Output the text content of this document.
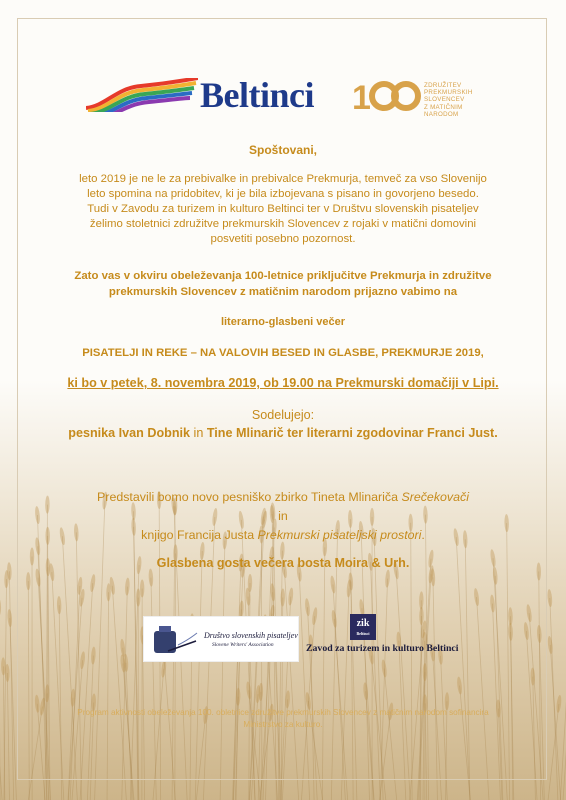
Beltinci 1	ZDRUŽITEV
PREKMURSKIH
SLOVENCEV
Z MATIČNIM
NARODOM
Spoštovani,
leto 2019 je ne le za prebivalke in prebivalce Prekmurja, temveč za vso Slovenijo
leto spomina na pridobitev, ki je bila izbojevana s pisano in govorjeno besedo.
Tudi v Zavodu za turizem in kulturo Beltinci ter v Društvu slovenskih pisateljev
želimo stoletnici združitve prekmurskih Slovencev z rojaki v matični domovini
posvetiti posebno pozornost.
Zato vas v okviru obeleževanja 100-letnice priključitve Prekmurja in združitve
prekmurskih Slovencev z matičnim narodom prijazno vabimo na
literarno-glasbeni večer
PISATELJI IN REKE – NA VALOVIH BESED IN GLASBE, PREKMURJE 2019,
ki bo v petek, 8. novembra 2019, ob 19.00 na Prekmurski domačiji v Lipi.
Sodelujejo:
pesnika Ivan Dobnik in Tine Mlinarič ter literarni zgodovinar Franci Just.
Predstavili bomo novo pesniško zbirko Tineta Mlinariča Srečekovači
in
knjigo Francija Justa Prekmurski pisateljski prostori.
Glasbena gosta večera bosta Moira & Urh.
Društvo slovenskih pisateljev
Slovene Writers' Association
zik
Beltinci
Zavod za turizem in kulturo Beltinci
Program aktivnosti obeleževanja 100. obletnice združitve prekmurskih Slovencev z matičnim narodom sofinancira
Ministrstvo za kulturo.
